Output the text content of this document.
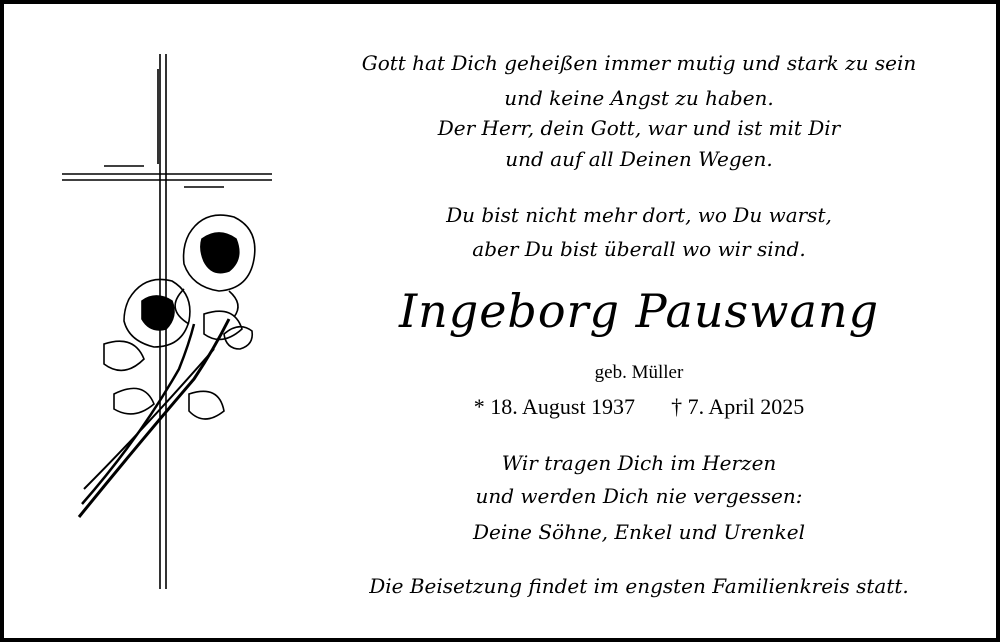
Gott hat Dich geheißen immer mutig und stark zu sein
und keine Angst zu haben.
Der Herr, dein Gott, war und ist mit Dir
und auf all Deinen Wegen.
Du bist nicht mehr dort, wo Du warst,
aber Du bist überall wo wir sind.
Ingeborg Pauswang
geb. Müller
* 18. August 1937 † 7. April 2025
Wir tragen Dich im Herzen
und werden Dich nie vergessen:
Deine Söhne, Enkel und Urenkel
Die Beisetzung findet im engsten Familienkreis statt.
